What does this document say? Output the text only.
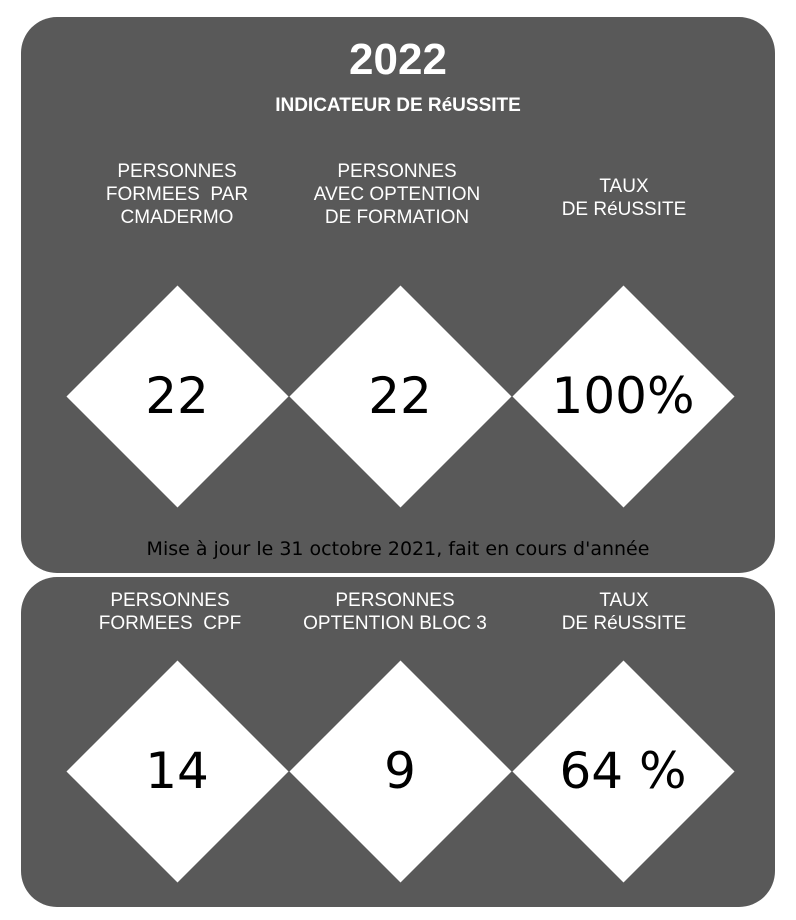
2022
INDICATEUR DE RéUSSITE
PERSONNES
FORMEES  PAR
CMADERMO
PERSONNES
AVEC OPTENTION
DE FORMATION
TAUX
DE RéUSSITE
22	22	100%
Mise à jour le 31 octobre 2021, fait en cours d'année
PERSONNES
FORMEES  CPF
PERSONNES
OPTENTION BLOC 3
TAUX
DE RéUSSITE
14	9	64 %
